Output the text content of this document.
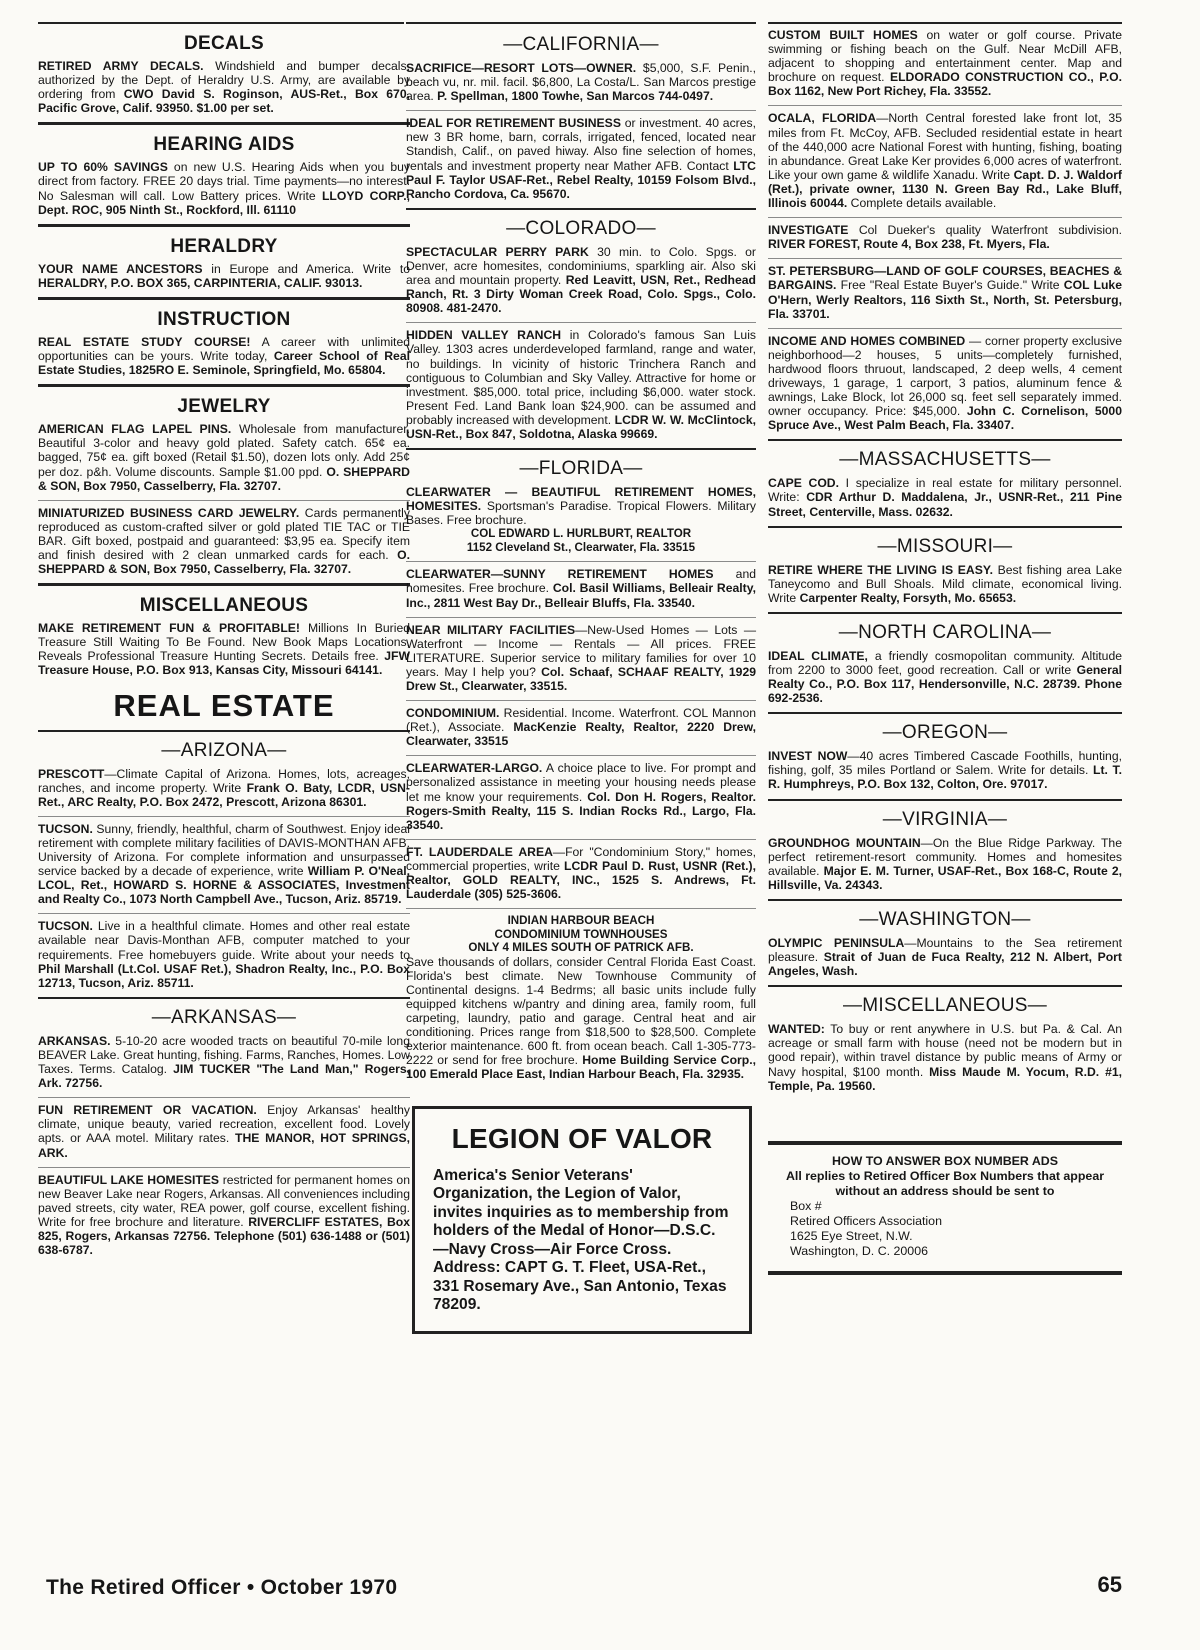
DECALS

RETIRED ARMY DECALS. Windshield and bumper decals, authorized by the Dept. of Heraldry U.S. Army, are available by ordering from CWO David S. Roginson, AUS-Ret., Box 670, Pacific Grove, Calif. 93950. $1.00 per set.

HEARING AIDS

UP TO 60% SAVINGS on new U.S. Hearing Aids when you buy direct from factory. FREE 20 days trial. Time payments—no interest. No Salesman will call. Low Battery prices. Write LLOYD CORP., Dept. ROC, 905 Ninth St., Rockford, Ill. 61110

HERALDRY

YOUR NAME ANCESTORS in Europe and America. Write to HERALDRY, P.O. BOX 365, CARPINTERIA, CALIF. 93013.

INSTRUCTION

REAL ESTATE STUDY COURSE! A career with unlimited opportunities can be yours. Write today, Career School of Real Estate Studies, 1825RO E. Seminole, Springfield, Mo. 65804.

JEWELRY

AMERICAN FLAG LAPEL PINS. Wholesale from manufacturer. Beautiful 3-color and heavy gold plated. Safety catch. 65¢ ea. bagged, 75¢ ea. gift boxed (Retail $1.50), dozen lots only. Add 25¢ per doz. p&h. Volume discounts. Sample $1.00 ppd. O. SHEPPARD & SON, Box 7950, Casselberry, Fla. 32707.

MINIATURIZED BUSINESS CARD JEWELRY. Cards permanently reproduced as custom-crafted silver or gold plated TIE TAC or TIE BAR. Gift boxed, postpaid and guaranteed: $3,95 ea. Specify item and finish desired with 2 clean unmarked cards for each. O. SHEPPARD & SON, Box 7950, Casselberry, Fla. 32707.

MISCELLANEOUS

MAKE RETIREMENT FUN & PROFITABLE! Millions In Buried Treasure Still Waiting To Be Found. New Book Maps Locations, Reveals Professional Treasure Hunting Secrets. Details free. JFW Treasure House, P.O. Box 913, Kansas City, Missouri 64141.

REAL ESTATE
—ARIZONA—

PRESCOTT—Climate Capital of Arizona. Homes, lots, acreages, ranches, and income property. Write Frank O. Baty, LCDR, USN-Ret., ARC Realty, P.O. Box 2472, Prescott, Arizona 86301.

TUCSON. Sunny, friendly, healthful, charm of Southwest. Enjoy ideal retirement with complete military facilities of DAVIS-MONTHAN AFB. University of Arizona. For complete information and unsurpassed service backed by a decade of experience, write William P. O'Neal, LCOL, Ret., HOWARD S. HORNE & ASSOCIATES, Investment and Realty Co., 1073 North Campbell Ave., Tucson, Ariz. 85719.

TUCSON. Live in a healthful climate. Homes and other real estate available near Davis-Monthan AFB, computer matched to your requirements. Free homebuyers guide. Write about your needs to Phil Marshall (Lt.Col. USAF Ret.), Shadron Realty, Inc., P.O. Box 12713, Tucson, Ariz. 85711.

—ARKANSAS—

ARKANSAS. 5-10-20 acre wooded tracts on beautiful 70-mile long BEAVER Lake. Great hunting, fishing. Farms, Ranches, Homes. Low Taxes. Terms. Catalog. JIM TUCKER "The Land Man," Rogers, Ark. 72756.

FUN RETIREMENT OR VACATION. Enjoy Arkansas' healthy climate, unique beauty, varied recreation, excellent food. Lovely apts. or AAA motel. Military rates. THE MANOR, HOT SPRINGS, ARK.

BEAUTIFUL LAKE HOMESITES restricted for permanent homes on new Beaver Lake near Rogers, Arkansas. All conveniences including paved streets, city water, REA power, golf course, excellent fishing. Write for free brochure and literature. RIVERCLIFF ESTATES, Box 825, Rogers, Arkansas 72756. Telephone (501) 636-1488 or (501) 638-6787.

—CALIFORNIA—

SACRIFICE—RESORT LOTS—OWNER. $5,000, S.F. Penin., beach vu, nr. mil. facil. $6,800, La Costa/L. San Marcos prestige area. P. Spellman, 1800 Towhe, San Marcos 744-0497.

IDEAL FOR RETIREMENT BUSINESS or investment. 40 acres, new 3 BR home, barn, corrals, irrigated, fenced, located near Standish, Calif., on paved hiway. Also fine selection of homes, rentals and investment property near Mather AFB. Contact LTC Paul F. Taylor USAF-Ret., Rebel Realty, 10159 Folsom Blvd., Rancho Cordova, Ca. 95670.

—COLORADO—

SPECTACULAR PERRY PARK 30 min. to Colo. Spgs. or Denver, acre homesites, condominiums, sparkling air. Also ski area and mountain property. Red Leavitt, USN, Ret., Redhead Ranch, Rt. 3 Dirty Woman Creek Road, Colo. Spgs., Colo. 80908. 481-2470.

HIDDEN VALLEY RANCH in Colorado's famous San Luis Valley. 1303 acres underdeveloped farmland, range and water, no buildings. In vicinity of historic Trinchera Ranch and contiguous to Columbian and Sky Valley. Attractive for home or investment. $85,000. total price, including $6,000. water stock. Present Fed. Land Bank loan $24,900. can be assumed and probably increased with development. LCDR W. W. McClintock, USN-Ret., Box 847, Soldotna, Alaska 99669.

—FLORIDA—

CLEARWATER — BEAUTIFUL RETIREMENT HOMES, HOMESITES. Sportsman's Paradise. Tropical Flowers. Military Bases. Free brochure.
COL EDWARD L. HURLBURT, REALTOR
1152 Cleveland St., Clearwater, Fla. 33515

CLEARWATER—SUNNY RETIREMENT HOMES and homesites. Free brochure. Col. Basil Williams, Belleair Realty, Inc., 2811 West Bay Dr., Belleair Bluffs, Fla. 33540.

NEAR MILITARY FACILITIES—New-Used Homes — Lots — Waterfront — Income — Rentals — All prices. FREE LITERATURE. Superior service to military families for over 10 years. May I help you? Col. Schaaf, SCHAAF REALTY, 1929 Drew St., Clearwater, 33515.

CONDOMINIUM. Residential. Income. Waterfront. COL Mannon (Ret.), Associate. MacKenzie Realty, Realtor, 2220 Drew, Clearwater, 33515

CLEARWATER-LARGO. A choice place to live. For prompt and personalized assistance in meeting your housing needs please let me know your requirements. Col. Don H. Rogers, Realtor. Rogers-Smith Realty, 115 S. Indian Rocks Rd., Largo, Fla. 33540.

FT. LAUDERDALE AREA—For "Condominium Story," homes, commercial properties, write LCDR Paul D. Rust, USNR (Ret.), Realtor, GOLD REALTY, INC., 1525 S. Andrews, Ft. Lauderdale (305) 525-3606.

INDIAN HARBOUR BEACH
CONDOMINIUM TOWNHOUSES
ONLY 4 MILES SOUTH OF PATRICK AFB.
Save thousands of dollars, consider Central Florida East Coast. Florida's best climate. New Townhouse Community of Continental designs. 1-4 Bedrms; all basic units include fully equipped kitchens w/pantry and dining area, family room, full carpeting, laundry, patio and garage. Central heat and air conditioning. Prices range from $18,500 to $28,500. Complete exterior maintenance. 600 ft. from ocean beach. Call 1-305-773-2222 or send for free brochure. Home Building Service Corp., 100 Emerald Place East, Indian Harbour Beach, Fla. 32935.

LEGION OF VALOR

America's Senior Veterans' Organization, the Legion of Valor, invites inquiries as to membership from holders of the Medal of Honor—D.S.C.—Navy Cross—Air Force Cross. Address: CAPT G. T. Fleet, USA-Ret., 331 Rosemary Ave., San Antonio, Texas 78209.

CUSTOM BUILT HOMES on water or golf course. Private swimming or fishing beach on the Gulf. Near McDill AFB, adjacent to shopping and entertainment center. Map and brochure on request. ELDORADO CONSTRUCTION CO., P.O. Box 1162, New Port Richey, Fla. 33552.

OCALA, FLORIDA—North Central forested lake front lot, 35 miles from Ft. McCoy, AFB. Secluded residential estate in heart of the 440,000 acre National Forest with hunting, fishing, boating in abundance. Great Lake Ker provides 6,000 acres of waterfront. Like your own game & wildlife Xanadu. Write Capt. D. J. Waldorf (Ret.), private owner, 1130 N. Green Bay Rd., Lake Bluff, Illinois 60044. Complete details available.

INVESTIGATE Col Dueker's quality Waterfront subdivision. RIVER FOREST, Route 4, Box 238, Ft. Myers, Fla.

ST. PETERSBURG—LAND OF GOLF COURSES, BEACHES & BARGAINS. Free "Real Estate Buyer's Guide." Write COL Luke O'Hern, Werly Realtors, 116 Sixth St., North, St. Petersburg, Fla. 33701.

INCOME AND HOMES COMBINED — corner property exclusive neighborhood—2 houses, 5 units—completely furnished, hardwood floors thruout, landscaped, 2 deep wells, 4 cement driveways, 1 garage, 1 carport, 3 patios, aluminum fence & awnings, Lake Block, lot 26,000 sq. feet sell separately immed. owner occupancy. Price: $45,000. John C. Cornelison, 5000 Spruce Ave., West Palm Beach, Fla. 33407.

—MASSACHUSETTS—

CAPE COD. I specialize in real estate for military personnel. Write: CDR Arthur D. Maddalena, Jr., USNR-Ret., 211 Pine Street, Centerville, Mass. 02632.

—MISSOURI—

RETIRE WHERE THE LIVING IS EASY. Best fishing area Lake Taneycomo and Bull Shoals. Mild climate, economical living. Write Carpenter Realty, Forsyth, Mo. 65653.

—NORTH CAROLINA—

IDEAL CLIMATE, a friendly cosmopolitan community. Altitude from 2200 to 3000 feet, good recreation. Call or write General Realty Co., P.O. Box 117, Hendersonville, N.C. 28739. Phone 692-2536.

—OREGON—

INVEST NOW—40 acres Timbered Cascade Foothills, hunting, fishing, golf, 35 miles Portland or Salem. Write for details. Lt. T. R. Humphreys, P.O. Box 132, Colton, Ore. 97017.

—VIRGINIA—

GROUNDHOG MOUNTAIN—On the Blue Ridge Parkway. The perfect retirement-resort community. Homes and homesites available. Major E. M. Turner, USAF-Ret., Box 168-C, Route 2, Hillsville, Va. 24343.

—WASHINGTON—

OLYMPIC PENINSULA—Mountains to the Sea retirement pleasure. Strait of Juan de Fuca Realty, 212 N. Albert, Port Angeles, Wash.

—MISCELLANEOUS—

WANTED: To buy or rent anywhere in U.S. but Pa. & Cal. An acreage or small farm with house (need not be modern but in good repair), within travel distance by public means of Army or Navy hospital, $100 month. Miss Maude M. Yocum, R.D. #1, Temple, Pa. 19560.

HOW TO ANSWER BOX NUMBER ADS
All replies to Retired Officer Box Numbers that appear without an address should be sent to
Box #
Retired Officers Association
1625 Eye Street, N.W.
Washington, D. C. 20006
The Retired Officer • October 1970	65
